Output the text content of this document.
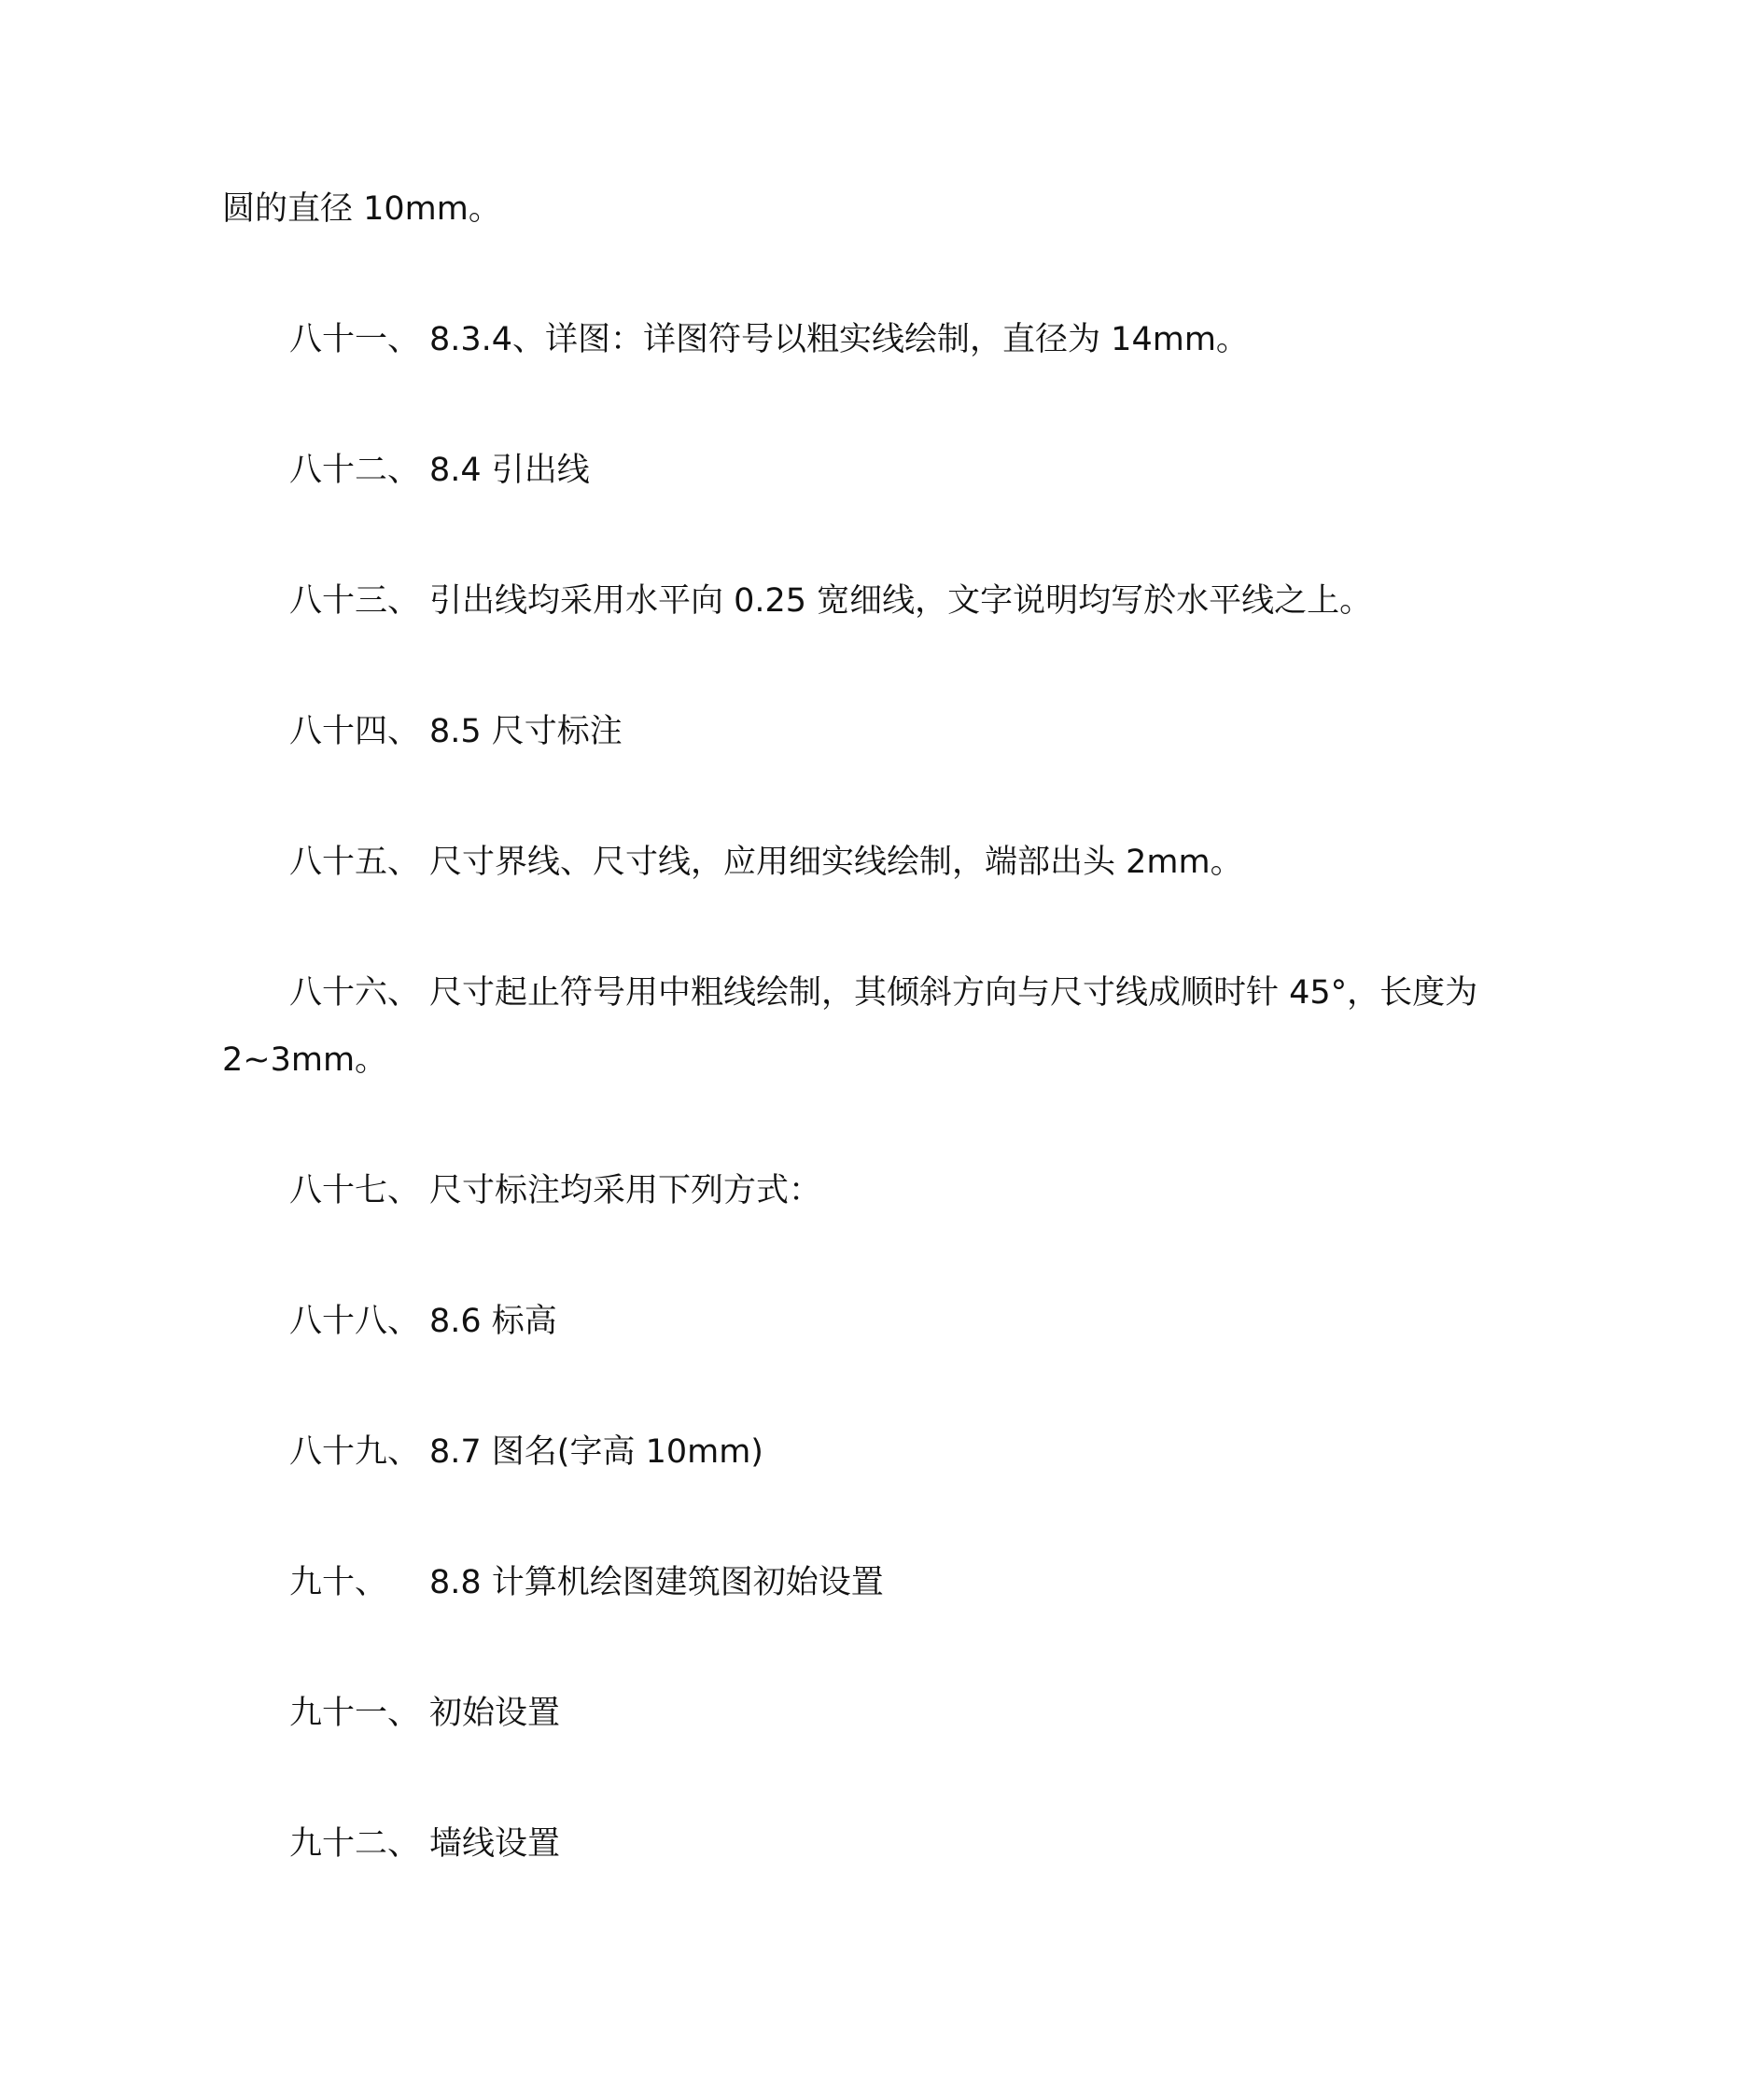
圆的直径 10mm。
八十一、 8.3.4、详图：详图符号以粗实线绘制，直径为 14mm。
八十二、 8.4 引出线
八十三、 引出线均采用水平向 0.25 宽细线，文字说明均写於水平线之上。
八十四、 8.5 尺寸标注
八十五、 尺寸界线、尺寸线，应用细实线绘制，端部出头 2mm。
八十六、 尺寸起止符号用中粗线绘制，其倾斜方向与尺寸线成顺时针 45°，长度为
2~3mm。
八十七、 尺寸标注均采用下列方式：
八十八、 8.6 标高
八十九、 8.7 图名(字高 10mm)
九十、 8.8 计算机绘图建筑图初始设置
九十一、 初始设置
九十二、 墙线设置
